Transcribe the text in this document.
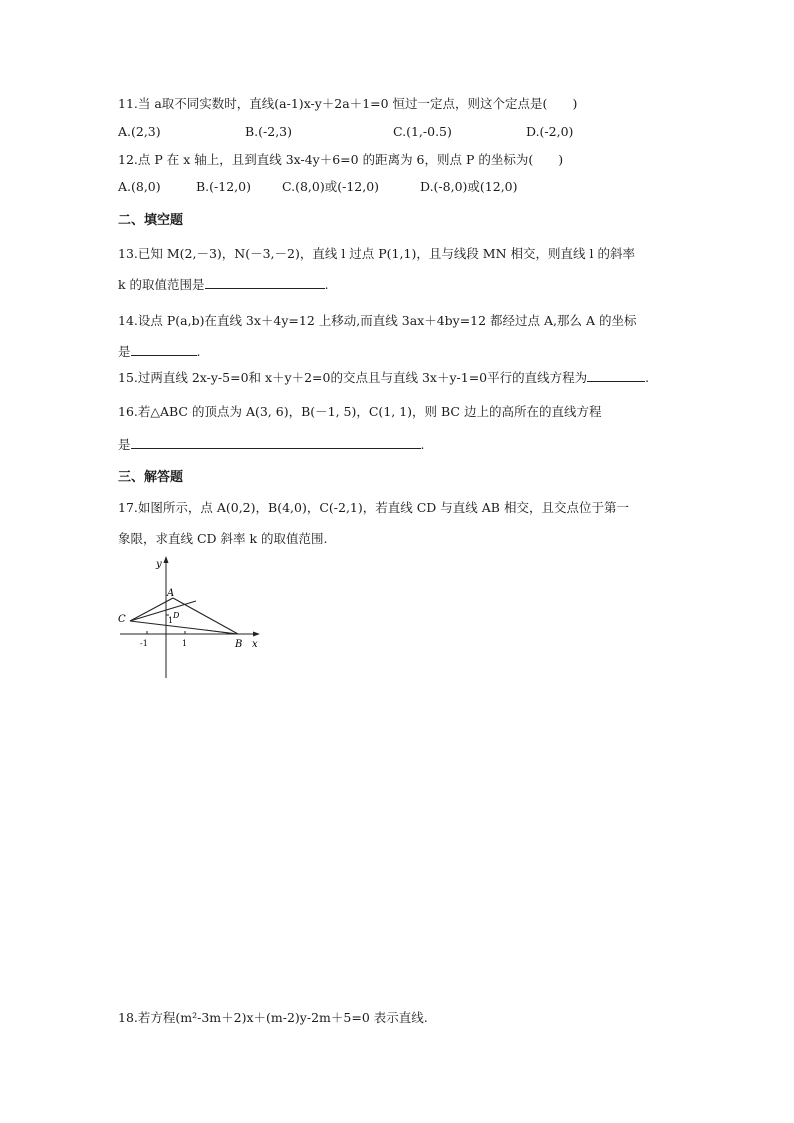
11.当 a取不同实数时，直线(a-1)x-y＋2a＋1=0 恒过一定点，则这个定点是(　　)
A.(2,3)	B.(-2,3)	C.(1,-0.5)	D.(-2,0)
12.点 P 在 x 轴上，且到直线 3x-4y＋6=0 的距离为 6，则点 P 的坐标为(　　)
A.(8,0)	B.(-12,0) C.(8,0)或(-12,0)	D.(-8,0)或(12,0)
二、填空题
13.已知 M(2,－3)，N(－3,－2)，直线 l 过点 P(1,1)，且与线段 MN 相交，则直线 l 的斜率
k 的取值范围是	.
14.设点 P(a,b)在直线 3x＋4y=12 上移动,而直线 3ax＋4by=12 都经过点 A,那么 A 的坐标
是	.
15.过两直线 2x-y-5=0和 x＋y＋2=0的交点且与直线 3x＋y-1=0平行的直线方程为	.
16.若△ABC 的顶点为 A(3, 6)，B(－1, 5)，C(1, 1)，则 BC 边上的高所在的直线方程
是	.
三、解答题
17.如图所示，点 A(0,2)，B(4,0)，C(-2,1)，若直线 CD 与直线 AB 相交，且交点位于第一
象限，求直线 CD 斜率 k 的取值范围.
y
x
A
B
C	D
-1	1
1
18.若方程(m²-3m＋2)x＋(m-2)y-2m＋5=0 表示直线.
